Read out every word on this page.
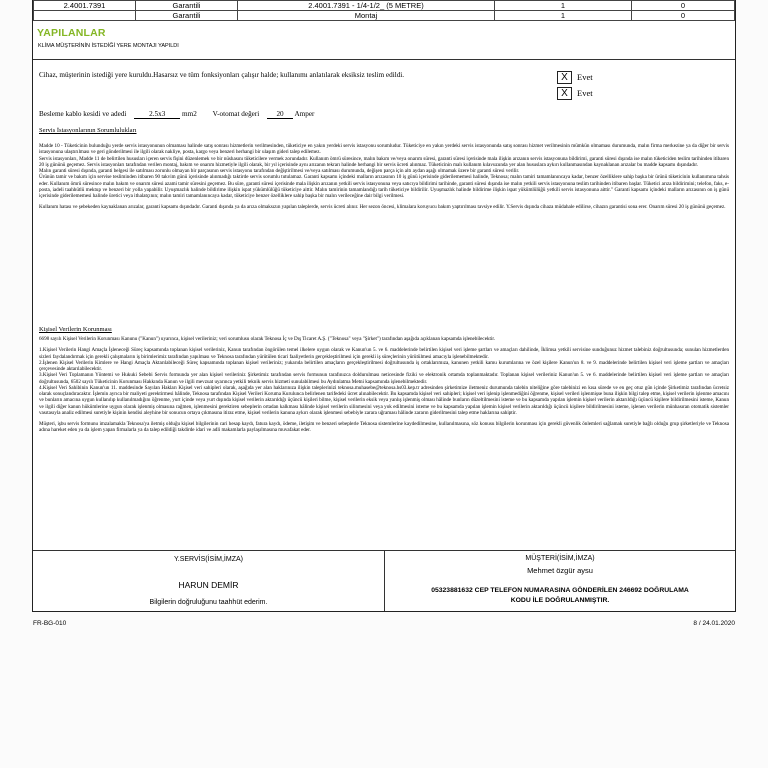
2.4001.7391	Garantili	2.4001.7391 - 1/4-1/2_ (5 METRE)	1	0
	Garantili	Montaj	1	0
YAPILANLAR
KLİMA MÜŞTERİNİN İSTEDİĞİ YERE MONTAJI YAPILDI
Cihaz, müşterinin istediği yere kuruldu.Hasarsız ve tüm fonksiyonları çalışır halde; kullanımı anlatılarak eksiksiz teslim edildi.	X	Evet
X	Evet
Besleme kablo kesidi ve adedi	2.5x3 mm2 V-otomat değeri 20 Amper
Servis İstasyonlarının Sorumlulukları

Madde 10 - Tüketicinin bulunduğu yerde servis istasyonunun olmaması halinde satış sonrası hizmetlerin verilmesinden, tüketiciye en yakın yerdeki servis istasyonu sorumludur. Tüketiciye en yakın yerdeki servis istasyonunda satış sonrası hizmet verilmesinin mümkün olmaması durumunda, malın firma merkezine ya da diğer bir servis istasyonuna ulaştırılması ve geri gönderilmesi ile ilgili olarak nakliye, posta, kargo veya benzeri herhangi bir ulaşım gideri talep edilemez.

Servis istasyonları, Madde 11 de belirtilen hususları içeren servis fişini düzenlemek ve bir nüshasını tüketicilere vermek zorundadır. Kullanım ömrü süresince, malın bakım ve/veya onarım süresi, garanti süresi içerisinde mala ilişkin arızanın servis istasyonuna bildirimi, garanti süresi dışında ise malın tüketiciden teslim tarihinden itibaren 20 iş gününü geçemez. Servis istasyonları tarafından verilen montaj, bakım ve onarım hizmetiyle ilgili olarak, bir yıl içerisinde aynı arızanın tekrarı halinde herhangi bir servis ücreti alınmaz. Tüketicinin malı kullanım kılavuzunda yer alan hususlara aykırı kullanmasından kaynaklanan arızalar bu madde kapsamı dışındadır.

Malın garanti süresi dışında, garanti belgesi ile satılması zorunlu olmayan bir parçasının servis istasyonu tarafından değiştirilmesi ve/veya satılması durumunda, değişen parça için altı aydan aşağı olmamak üzere bir garanti süresi verilir.

Ürünün tamir ve bakım için servise tesliminden itibaren 90 takvim günü içerisinde alınmadığı taktirde servis sorumlu tutulamaz. Garanti kapsamı içindeki malların arızasının 10 iş günü içerisinde giderilememesi halinde, Teknosa; malın tamiri tamamlanıncaya kadar, benzer özelliklere sahip başka bir ürünü tüketicinin kullanımına tahsis eder. Kullanım ömrü süresince malın bakım ve onarım süresi azami tamir süresini geçemez. Bu süre, garanti süresi içerisinde mala ilişkin arızanın yetkili servis istasyonuna veya satıcıya bildirimi tarihinde, garanti süresi dışında ise malın yetkili servis istasyonuna teslim tarihinden itibaren başlar. Tüketici arıza bildirimini; telefon, faks, e-posta, iadeli taahhütlü mektup ve benzeri bir yolla yapabilir. Uyuşmazlık halinde bildirime ilişkin ispat yükümlülüğü tüketiciye aittir. Malın tamirinin tamamlandığı tarih tüketiciye bildirilir. Uyuşmazlık halinde bildirime ilişkin ispat yükümlülüğü yetkili servis istasyonuna aittir." Garanti kapsamı içindeki malların arızasının on iş günü içerisinde giderilememesi halinde üretici veya ithalatçının; malın tamiri tamamlanıncaya kadar, tüketiciye benzer özelliklere sahip başka bir malın verileceğine dair bilgi verilmesi.

Kullanım hatası ve şebekeden kaynaklanan arızalar, garanti kapsamı dışındadır. Garanti dışında ya da arıza olmaksızın yapılan taleplerde, servis ücreti alınır. Her sezon öncesi, klimalara koruyucu bakım yaptırılması tavsiye edilir. Y.Servis dışında cihaza müdahale edilirse, cihazın garantisi sona erer. Onarım süresi 20 iş gününü geçemez.

Kişisel Verilerin Korunması

6698 sayılı Kişisel Verilerin Korunması Kanunu ("Kanun") uyarınca, kişisel verileriniz; veri sorumlusu olarak Teknosa İç ve Dış Ticaret A.Ş. ("Teknosa" veya "Şirket") tarafından aşağıda açıklanan kapsamda işlenebilecektir.

1.Kişisel Verilerin Hangi Amaçla İşleneceği Süreç kapsamında toplanan kişisel verileriniz, Kanun tarafından öngörülen temel ilkelere uygun olarak ve Kanun'un 5. ve 6. maddelerinde belirtilen kişisel veri işleme şartları ve amaçları dahilinde, İklimsa yetkili servisine sunduğunuz hizmet talebiniz doğrultusunda; sunulan hizmetlerden sizleri faydalandırmak için gerekli çalışmaların iş birimlerimiz tarafından yapılması ve Teknosa tarafından yürütülen ticari faaliyetlerin gerçekleştirilmesi için gerekli iş süreçlerinin yürütülmesi amacıyla işlenebilmektedir.

2.İşlenen Kişisel Verilerin Kimlere ve Hangi Amaçla Aktarılabileceği Süreç kapsamında toplanan kişisel verileriniz; yukarıda belirtilen amaçların gerçekleştirilmesi doğrultusunda iş ortaklarımıza, kanunen yetkili kamu kurumlarına ve özel kişilere Kanun'un 8. ve 9. maddelerinde belirtilen kişisel veri işleme şartları ve amaçları çerçevesinde aktarılabilecektir.

3.Kişisel Veri Toplamanın Yöntemi ve Hukuki Sebebi Servis formunda yer alan kişisel verileriniz Şirketimiz tarafından servis formunun tarafınızca doldurulması neticesinde fiziki ve elektronik ortamda toplanmaktadır. Toplanan kişisel verileriniz Kanun'un 5. ve 6. maddelerinde belirtilen kişisel veri işleme şartları ve amaçları doğrultusunda, 6502 sayılı Tüketicinin Korunması Hakkında Kanun ve ilgili mevzuat uyarınca yetkili teknik servis hizmeti sunulabilmesi bu Aydınlatma Metni kapsamında işlenebilmektedir.

4.Kişisel Veri Sahibinin Kanun'un 11. maddesinde Sayılan Hakları Kişisel veri sahipleri olarak, aşağıda yer alan haklarınıza ilişkin taleplerinizi teknosa.muhasebe@teknosa.hs03.kep.tr adresinden şirketimize iletmeniz durumunda talebin niteliğine göre talebinizi en kısa sürede ve en geç otuz gün içinde Şirketimiz tarafından ücretsiz olarak sonuçlandıracaktır. İşlemin ayrıca bir maliyeti gerektirmesi hâlinde, Teknosa tarafından Kişisel Verileri Koruma Kurulunca belirlenen tarifedeki ücret alınabilecektir. Bu kapsamda kişisel veri sahipleri; kişisel veri işlenip işlenmediğini öğrenme, kişisel verileri işlenmişse buna ilişkin bilgi talep etme, kişisel verilerin işlenme amacını ve bunların amacına uygun kullanılıp kullanılmadığını öğrenme, yurt içinde veya yurt dışında kişisel verilerin aktarıldığı üçüncü kişileri bilme, kişisel verilerin eksik veya yanlış işlenmiş olması hâlinde bunların düzeltilmesini isteme ve bu kapsamda yapılan işlemin kişisel verilerin aktarıldığı üçüncü kişilere bildirilmesini isteme, Kanun ve ilgili diğer kanun hükümlerine uygun olarak işlenmiş olmasına rağmen, işlenmesini gerektiren sebeplerin ortadan kalkması hâlinde kişisel verilerin silinmesini veya yok edilmesini isteme ve bu kapsamda yapılan işlemin kişisel verilerin aktarıldığı üçüncü kişilere bildirilmesini isteme, işlenen verilerin münhasıran otomatik sistemler vasıtasıyla analiz edilmesi suretiyle kişinin kendisi aleyhine bir sonucun ortaya çıkmasına itiraz etme, kişisel verilerin kanuna aykırı olarak işlenmesi sebebiyle zarara uğraması hâlinde zararın giderilmesini talep etme haklarına sahiptir.

Müşteri, işbu servis formunu imzalamakla Teknosa'ya iletmiş olduğu kişisel bilgilerinin cari hesap kaydı, fatura kaydı, ödeme, iletişim ve benzeri sebeplerle Teknosa sistemlerine kaydedilmesine, kullanılmasına, söz konusu bilgilerin korunması için gerekli güvenlik önlemleri sağlamak suretiyle bağlı olduğu grup şirketleriyle ve Teknosa adına hareket eden ya da işlem yapan firmalarla ya da talep edildiği takdirde idari ve adli makamlarla paylaşılmasına muvafakat eder.

Y.SERVİS(İSİM,İMZA)
HARUN DEMİR
Bilgilerin doğruluğunu taahhüt ederim.
MÜŞTERİ(İSİM,İMZA)
Mehmet özgür aysu
05323881632 CEP TELEFON NUMARASINA GÖNDERİLEN 246692 DOĞRULAMA
KODU İLE DOĞRULANMIŞTIR.
FR-BG-010	8 / 24.01.2020
